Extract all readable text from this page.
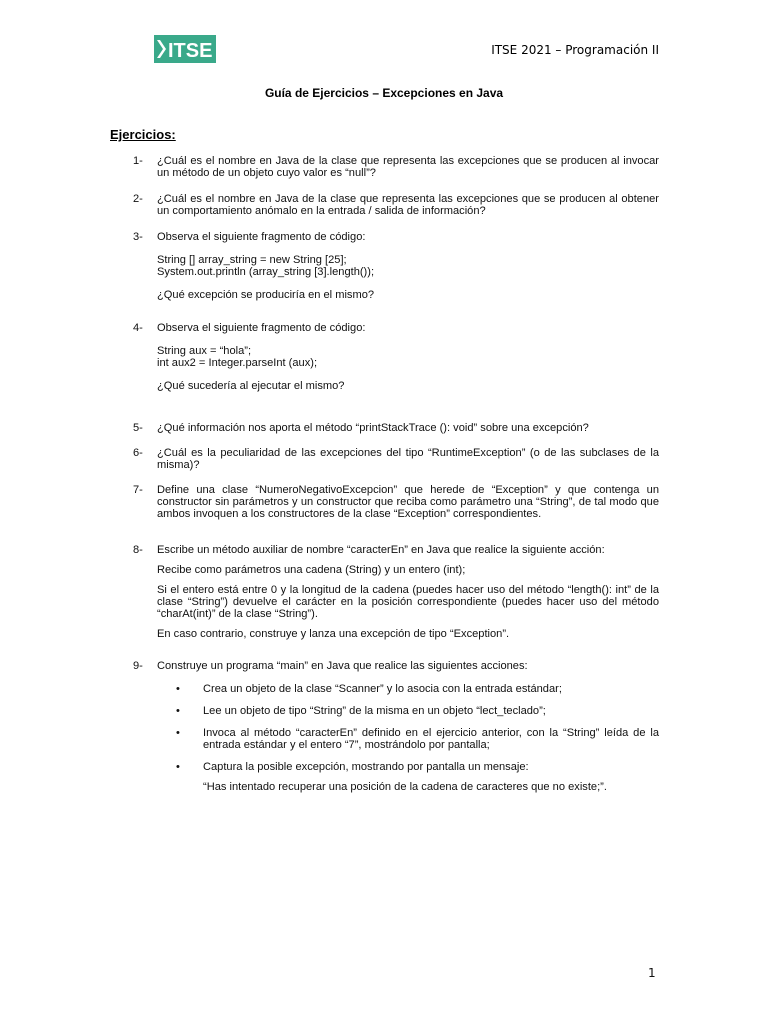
ITSE	ITSE 2021 – Programación II
Guía de Ejercicios – Excepciones en Java
Ejercicios:
1- ¿Cuál es el nombre en Java de la clase que representa las excepciones que se producen al invocar un método de un objeto cuyo valor es “null”?
2- ¿Cuál es el nombre en Java de la clase que representa las excepciones que se producen al obtener un comportamiento anómalo en la entrada / salida de información?
3- Observa el siguiente fragmento de código:
String [] array_string = new String [25];
System.out.println (array_string [3].length());
¿Qué excepción se produciría en el mismo?
4- Observa el siguiente fragmento de código:
String aux = “hola”;
int aux2 = Integer.parseInt (aux);
¿Qué sucedería al ejecutar el mismo?
5- ¿Qué información nos aporta el método “printStackTrace (): void” sobre una excepción?
6- ¿Cuál es la peculiaridad de las excepciones del tipo “RuntimeException” (o de las subclases de la misma)?
7- Define una clase “NumeroNegativoExcepcion” que herede de “Exception” y que contenga un constructor sin parámetros y un constructor que reciba como parámetro una “String”, de tal modo que ambos invoquen a los constructores de la clase “Exception” correspondientes.
8- Escribe un método auxiliar de nombre “caracterEn” en Java que realice la siguiente acción:
Recibe como parámetros una cadena (String) y un entero (int);
Si el entero está entre 0 y la longitud de la cadena (puedes hacer uso del método “length(): int” de la clase “String”) devuelve el carácter en la posición correspondiente (puedes hacer uso del método “charAt(int)” de la clase “String”).
En caso contrario, construye y lanza una excepción de tipo “Exception”.
9- Construye un programa “main” en Java que realice las siguientes acciones:
• Crea un objeto de la clase “Scanner” y lo asocia con la entrada estándar;
• Lee un objeto de tipo “String” de la misma en un objeto “lect_teclado”;
• Invoca al método “caracterEn” definido en el ejercicio anterior, con la “String” leída de la entrada estándar y el entero “7”, mostrándolo por pantalla;
• Captura la posible excepción, mostrando por pantalla un mensaje:
“Has intentado recuperar una posición de la cadena de caracteres que no existe;”.
1
